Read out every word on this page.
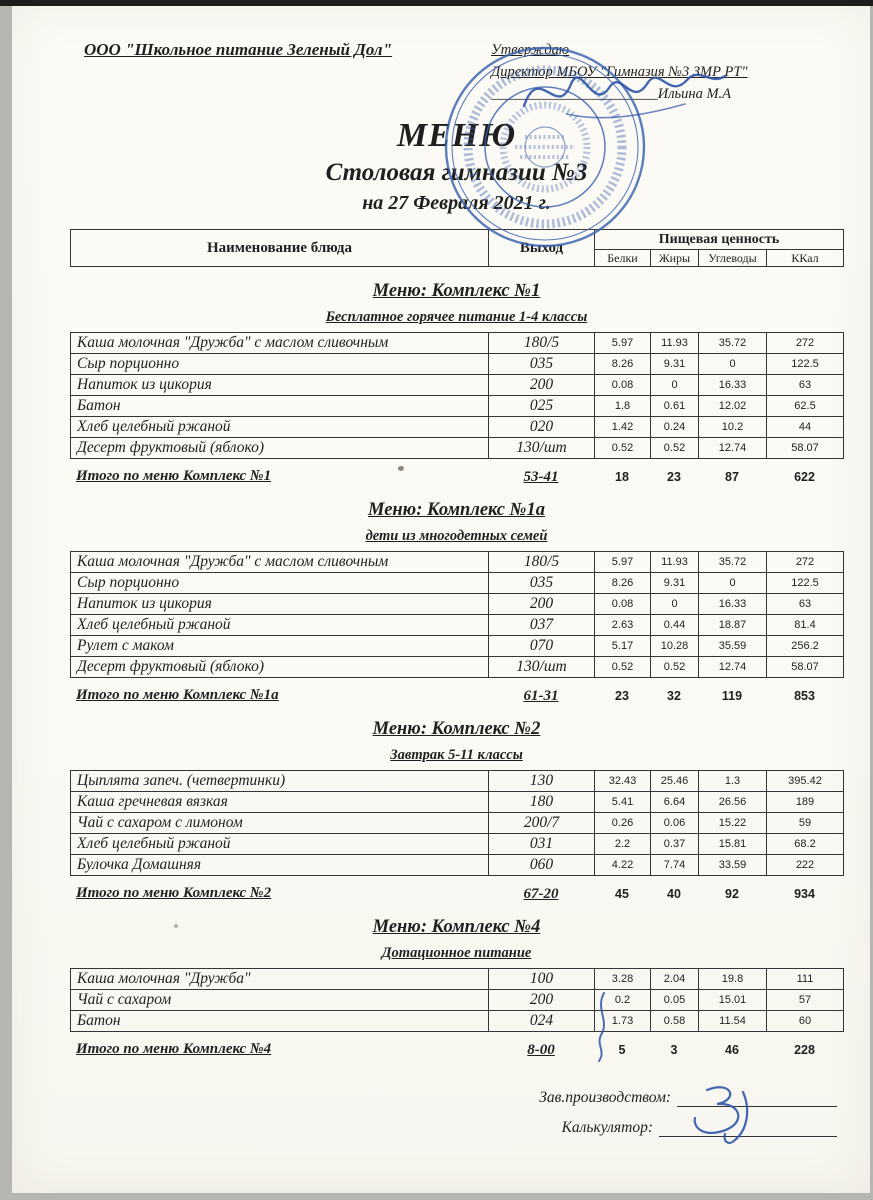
ООО "Школьное питание Зеленый Дол"	Утверждаю
Директор МБОУ "Гимназия №3 ЗМР РТ"
_______________________Ильина М.А
МЕНЮ
Столовая гимназии №3
на 27 Февраля 2021 г.
Наименование блюда	Выход	Пищевая ценность			
		Белки	Жиры	Углеводы	ККал
Меню: Комплекс №1
Бесплатное горячее питание 1-4 классы
Каша молочная "Дружба" с маслом сливочным	180/5	5.97	11.93	35.72	272
Сыр порционно	035	8.26	9.31	0	122.5
Напиток из цикория	200	0.08	0	16.33	63
Батон	025	1.8	0.61	12.02	62.5
Хлеб целебный ржаной	020	1.42	0.24	10.2	44
Десерт фруктовый (яблоко)	130/шт	0.52	0.52	12.74	58.07
Итого по меню Комплекс №1	53-41	18	23	87	622
Меню: Комплекс №1а
дети из многодетных семей
Каша молочная "Дружба" с маслом сливочным	180/5	5.97	11.93	35.72	272
Сыр порционно	035	8.26	9.31	0	122.5
Напиток из цикория	200	0.08	0	16.33	63
Хлеб целебный ржаной	037	2.63	0.44	18.87	81.4
Рулет с маком	070	5.17	10.28	35.59	256.2
Десерт фруктовый (яблоко)	130/шт	0.52	0.52	12.74	58.07
Итого по меню Комплекс №1а	61-31	23	32	119	853
Меню: Комплекс №2
Завтрак 5-11 классы
Цыплята запеч. (четвертинки)	130	32.43	25.46	1.3	395.42
Каша гречневая вязкая	180	5.41	6.64	26.56	189
Чай с сахаром с лимоном	200/7	0.26	0.06	15.22	59
Хлеб целебный ржаной	031	2.2	0.37	15.81	68.2
Булочка Домашняя	060	4.22	7.74	33.59	222
Итого по меню Комплекс №2	67-20	45	40	92	934
Меню: Комплекс №4
Дотационное питание
Каша молочная "Дружба"	100	3.28	2.04	19.8	111
Чай с сахаром	200	0.2	0.05	15.01	57
Батон	024	1.73	0.58	11.54	60
Итого по меню Комплекс №4	8-00	5	3	46	228
Зав.производством:
Калькулятор:
